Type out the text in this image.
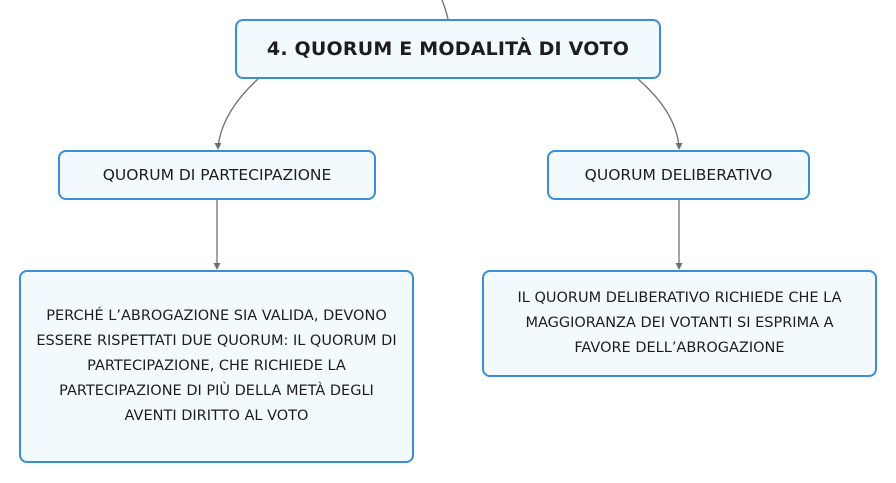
4. QUORUM E MODALITÀ DI VOTO
QUORUM DI PARTECIPAZIONE	QUORUM DELIBERATIVO
PERCHÉ L’ABROGAZIONE SIA VALIDA, DEVONO ESSERE RISPETTATI DUE QUORUM: IL QUORUM DI PARTECIPAZIONE, CHE RICHIEDE LA PARTECIPAZIONE DI PIÙ DELLA METÀ DEGLI AVENTI DIRITTO AL VOTO
IL QUORUM DELIBERATIVO RICHIEDE CHE LA MAGGIORANZA DEI VOTANTI SI ESPRIMA A FAVORE DELL’ABROGAZIONE
